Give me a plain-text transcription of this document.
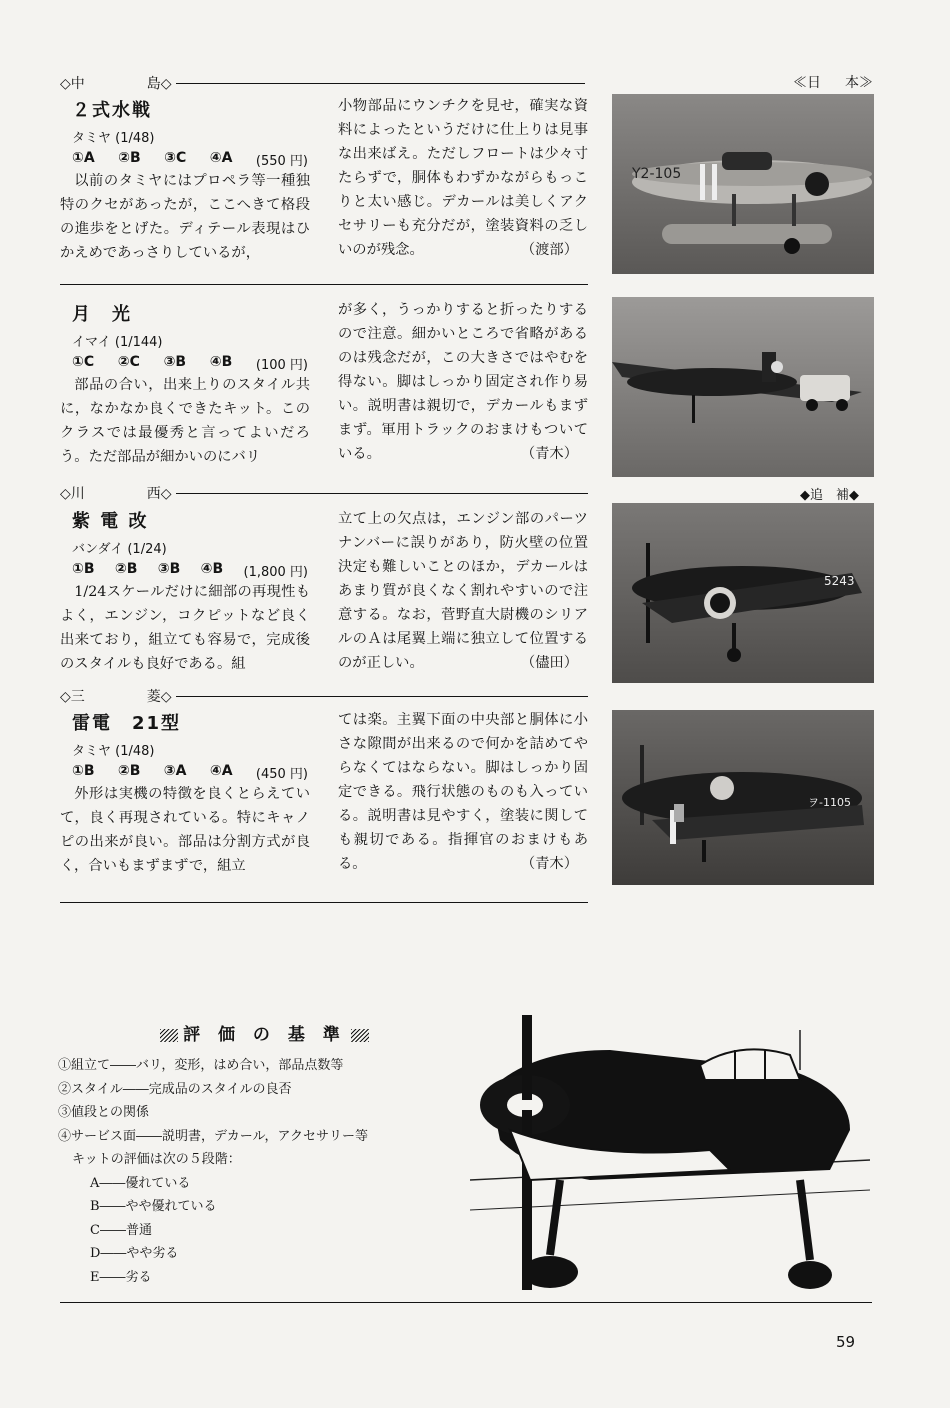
◇中	島◇	≪日 本≫
２式水戦
タミヤ (1/48)
①A ②B ③C ④A (550 円)
以前のタミヤにはプロペラ等一種独特のクセがあったが，ここへきて格段の進歩をとげた。ディテール表現はひかえめであっさりしているが，
小物部品にウンチクを見せ，確実な資料によったというだけに仕上りは見事な出来ばえ。ただしフロートは少々寸たらずで，胴体もわずかながらもっこりと太い感じ。デカールは美しくアクセサリーも充分だが，塗装資料の乏しいのが残念。	（渡部）
月　光
イマイ (1/144)
①C ②C ③B ④B (100 円)
部品の合い，出来上りのスタイル共に，なかなか良くできたキット。このクラスでは最優秀と言ってよいだろう。ただ部品が細かいのにバリ
が多く，うっかりすると折ったりするので注意。細かいところで省略があるのは残念だが，この大きさではやむを得ない。脚はしっかり固定され作り易い。説明書は親切で，デカールもまずまず。軍用トラックのおまけもついている。	（青木）
◇川	西◇	◆追　補◆
紫 電 改
バンダイ (1/24)
①B ②B ③B ④B (1,800 円)
1/24スケールだけに細部の再現性もよく，エンジン，コクピットなど良く出来ており，組立ても容易で，完成後のスタイルも良好である。組
立て上の欠点は，エンジン部のパーツナンバーに誤りがあり，防火壁の位置決定も難しいことのほか，デカールはあまり質が良くなく割れやすいので注意する。なお，菅野直大尉機のシリアルのＡは尾翼上端に独立して位置するのが正しい。	（儘田）
◇三	菱◇
雷電　21型
タミヤ (1/48)
①B ②B ③A ④A (450 円)
外形は実機の特徴を良くとらえていて，良く再現されている。特にキャノピの出来が良い。部品は分割方式が良く，合いもまずまずで，組立
ては楽。主翼下面の中央部と胴体に小さな隙間が出来るので何かを詰めてやらなくてはならない。脚はしっかり固定できる。飛行状態のものも入っている。説明書は見やすく，塗装に関しても親切である。指揮官のおまけもある。	（青木）
Y2-105
5243
ヲ-1105
評 価 の 基 準
①組立て――バリ，変形，はめ合い，部品点数等
②スタイル――完成品のスタイルの良否
③値段との関係
④サービス面――説明書，デカール，アクセサリー等
キットの評価は次の５段階：
A――優れている
B――やや優れている
C――普通
D――やや劣る
E――劣る
59
